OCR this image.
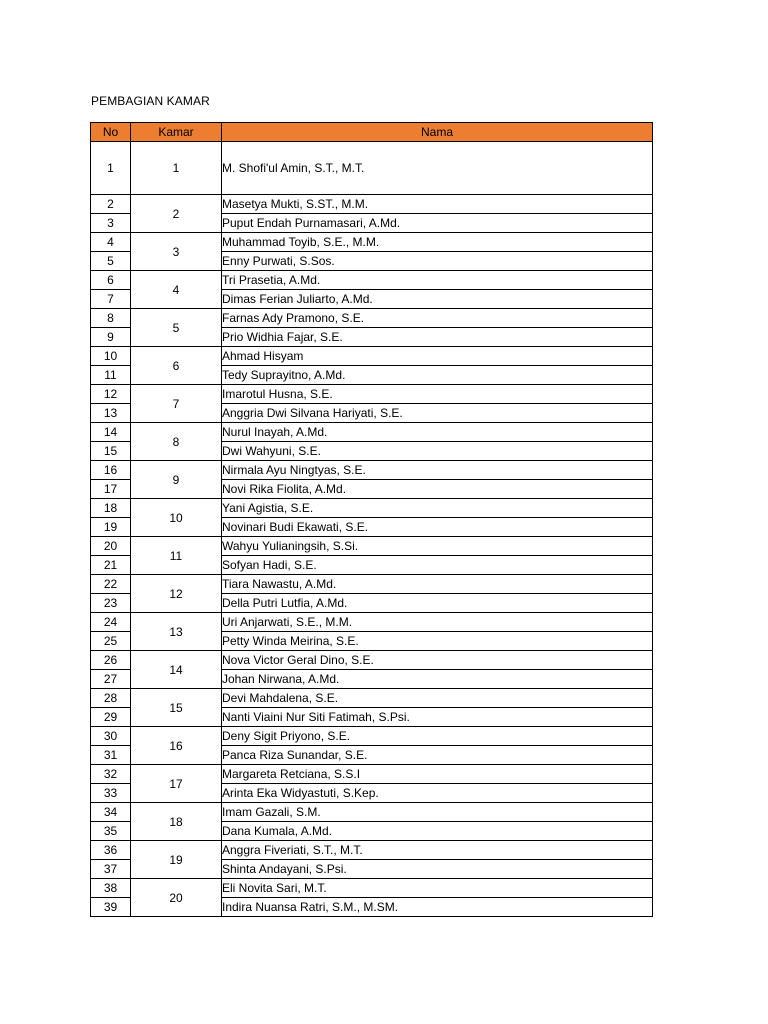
PEMBAGIAN KAMAR
No	Kamar	Nama
1	1	M. Shofi'ul Amin, S.T., M.T.
2	2	Masetya Mukti, S.ST., M.M.
3		Puput Endah Purnamasari, A.Md.
4	3	Muhammad Toyib, S.E., M.M.
5		Enny Purwati, S.Sos.
6	4	Tri Prasetia, A.Md.
7		Dimas Ferian Juliarto, A.Md.
8	5	Farnas Ady Pramono, S.E.
9		Prio Widhia Fajar, S.E.
10	6	Ahmad Hisyam
11		Tedy Suprayitno, A.Md.
12	7	Imarotul Husna, S.E.
13		Anggria Dwi Silvana Hariyati, S.E.
14	8	Nurul Inayah, A.Md.
15		Dwi Wahyuni, S.E.
16	9	Nirmala Ayu Ningtyas, S.E.
17		Novi Rika Fiolita, A.Md.
18	10	Yani Agistia, S.E.
19		Novinari Budi Ekawati, S.E.
20	11	Wahyu Yulianingsih, S.Si.
21		Sofyan Hadi, S.E.
22	12	Tiara Nawastu, A.Md.
23		Della Putri Lutfia, A.Md.
24	13	Uri Anjarwati, S.E., M.M.
25		Petty Winda Meirina, S.E.
26	14	Nova Victor Geral Dino, S.E.
27		Johan Nirwana, A.Md.
28	15	Devi Mahdalena, S.E.
29		Nanti Viaini Nur Siti Fatimah, S.Psi.
30	16	Deny Sigit Priyono, S.E.
31		Panca Riza Sunandar, S.E.
32	17	Margareta Retciana, S.S.I
33		Arinta Eka Widyastuti, S.Kep.
34	18	Imam Gazali, S.M.
35		Dana Kumala, A.Md.
36	19	Anggra Fiveriati, S.T., M.T.
37		Shinta Andayani, S.Psi.
38	20	Eli Novita Sari, M.T.
39		Indira Nuansa Ratri, S.M., M.SM.
